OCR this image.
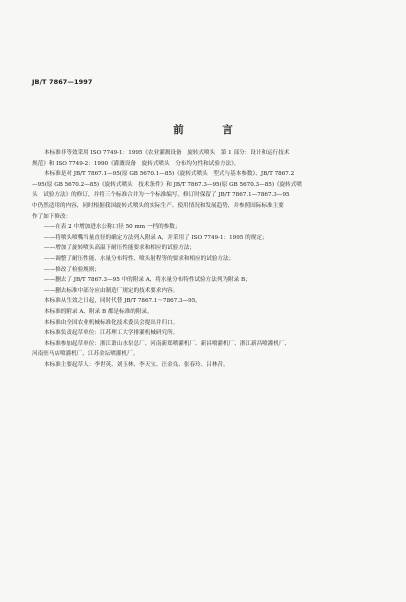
JB/T 7867—1997
前　言

本标准非等效采用 ISO 7749-1：1995《农业灌溉设备　旋转式喷头　第 1 部分：设计和运行技术

规范》和 ISO 7749-2：1990《灌溉设备　旋转式喷头　分布均匀性和试验方法》。

本标准是对 JB/T 7867.1—95(原 GB 5670.1—85)《旋转式喷头　型式与基本参数》、JB/T 7867.2

—95(原 GB 5670.2—85)《旋转式喷头　技术条件》和 JB/T 7867.3—95(原 GB 5670.3—85)《旋转式喷

头　试验方法》的修订，并将三个标准合并为一个标准编写。修订时保留了 JB/T 7867.1—7867.3—95

中仍然适用的内容，同时根据我国旋转式喷头的实际生产、使用情况和发展趋势，并参照国际标准主要

作了如下修改：

——在表 2 中增加进水公称口径 50 mm 一档的参数；

——将喷头喷嘴当量直径的确定方法列入附录 A，并采用了 ISO 7749-1：1995 的规定；

——增加了旋转喷头高温下耐压性能要求和相应的试验方法；

——调整了耐压性能、水量分布特性、喷头射程等的要求和相应的试验方法；

——修改了检验规则；

——删去了 JB/T 7867.3—95 中的附录 A，将水量分布特性试验方法列为附录 B；

——删去标准中部分应由制造厂规定的技术要求内容。

本标准从生效之日起，同时代替 JB/T 7867.1～7867.3—95。

本标准的附录 A、附录 B 都是标准的附录。

本标准由全国农业机械标准化技术委员会提出并归口。

本标准负责起草单位：江苏理工大学排灌机械研究所。

本标准参加起草单位：浙江萧山水泵总厂、河南新郑喷灌机厂、新昌喷灌机厂、浙江新昌喷灌机厂、

河南驻马店喷灌机厂、江苏金坛喷灌机厂。

本标准主要起草人：李世英、刘玉林、李天宝、汪金良、张春玲、吕林昔。
